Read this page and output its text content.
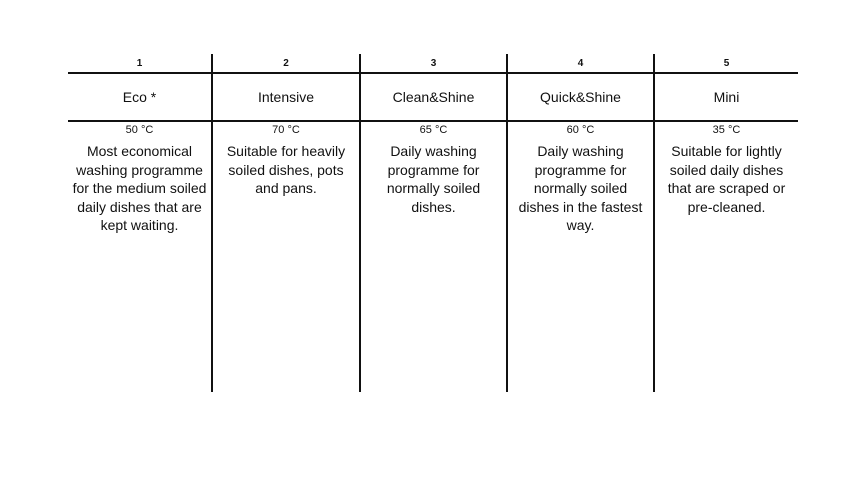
1
Eco *
50 °C
Most economical
washing programme
for the medium soiled
daily dishes that are
kept waiting.
2
Intensive
70 °C
Suitable for heavily
soiled dishes, pots
and pans.
3
Clean&Shine
65 °C
Daily washing
programme for
normally soiled
dishes.
4
Quick&Shine
60 °C
Daily washing
programme for
normally soiled
dishes in the fastest
way.
5
Mini
35 °C
Suitable for lightly
soiled daily dishes
that are scraped or
pre-cleaned.
